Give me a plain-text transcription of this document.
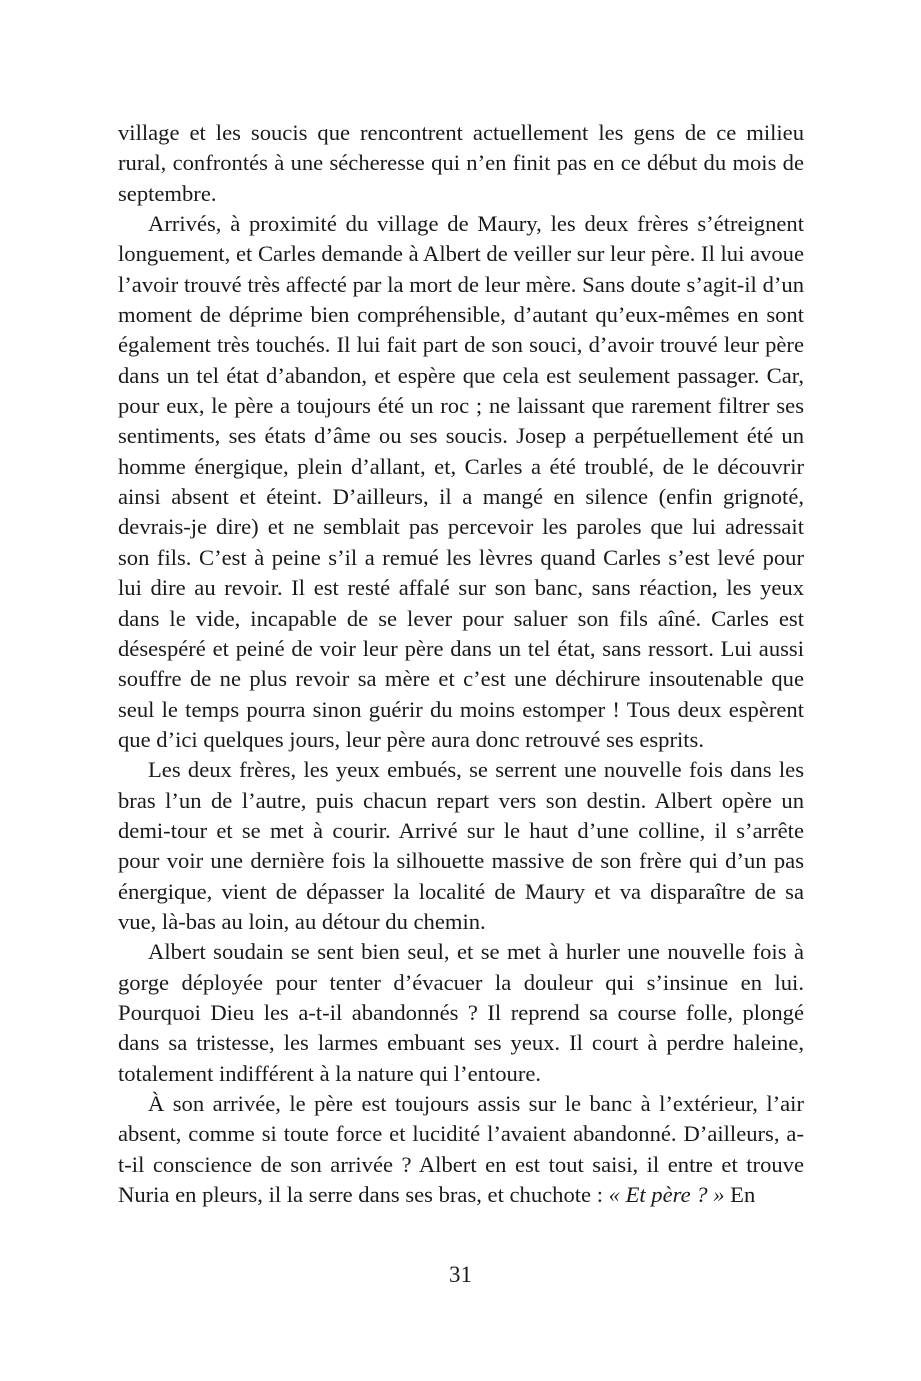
village et les soucis que rencontrent actuellement les gens de ce milieu rural, confrontés à une sécheresse qui n’en finit pas en ce début du mois de septembre.

Arrivés, à proximité du village de Maury, les deux frères s’étreignent longuement, et Carles demande à Albert de veiller sur leur père. Il lui avoue l’avoir trouvé très affecté par la mort de leur mère. Sans doute s’agit-il d’un moment de déprime bien compréhensible, d’autant qu’eux-mêmes en sont également très touchés. Il lui fait part de son souci, d’avoir trouvé leur père dans un tel état d’abandon, et espère que cela est seulement passager. Car, pour eux, le père a toujours été un roc ; ne laissant que rarement filtrer ses sentiments, ses états d’âme ou ses soucis. Josep a perpétuellement été un homme énergique, plein d’allant, et, Carles a été troublé, de le découvrir ainsi absent et éteint. D’ailleurs, il a mangé en silence (enfin grignoté, devrais-je dire) et ne semblait pas percevoir les paroles que lui adressait son fils. C’est à peine s’il a remué les lèvres quand Carles s’est levé pour lui dire au revoir. Il est resté affalé sur son banc, sans réaction, les yeux dans le vide, incapable de se lever pour saluer son fils aîné. Carles est désespéré et peiné de voir leur père dans un tel état, sans ressort. Lui aussi souffre de ne plus revoir sa mère et c’est une déchirure insoutenable que seul le temps pourra sinon guérir du moins estomper ! Tous deux espèrent que d’ici quelques jours, leur père aura donc retrouvé ses esprits.

Les deux frères, les yeux embués, se serrent une nouvelle fois dans les bras l’un de l’autre, puis chacun repart vers son destin. Albert opère un demi-tour et se met à courir. Arrivé sur le haut d’une colline, il s’arrête pour voir une dernière fois la silhouette massive de son frère qui d’un pas énergique, vient de dépasser la localité de Maury et va disparaître de sa vue, là-bas au loin, au détour du chemin.

Albert soudain se sent bien seul, et se met à hurler une nouvelle fois à gorge déployée pour tenter d’évacuer la douleur qui s’insinue en lui. Pourquoi Dieu les a-t-il abandonnés ? Il reprend sa course folle, plongé dans sa tristesse, les larmes embuant ses yeux. Il court à perdre haleine, totalement indifférent à la nature qui l’entoure.

À son arrivée, le père est toujours assis sur le banc à l’extérieur, l’air absent, comme si toute force et lucidité l’avaient abandonné. D’ailleurs, a-t-il conscience de son arrivée ? Albert en est tout saisi, il entre et trouve Nuria en pleurs, il la serre dans ses bras, et chuchote : « Et père ? » En

31
